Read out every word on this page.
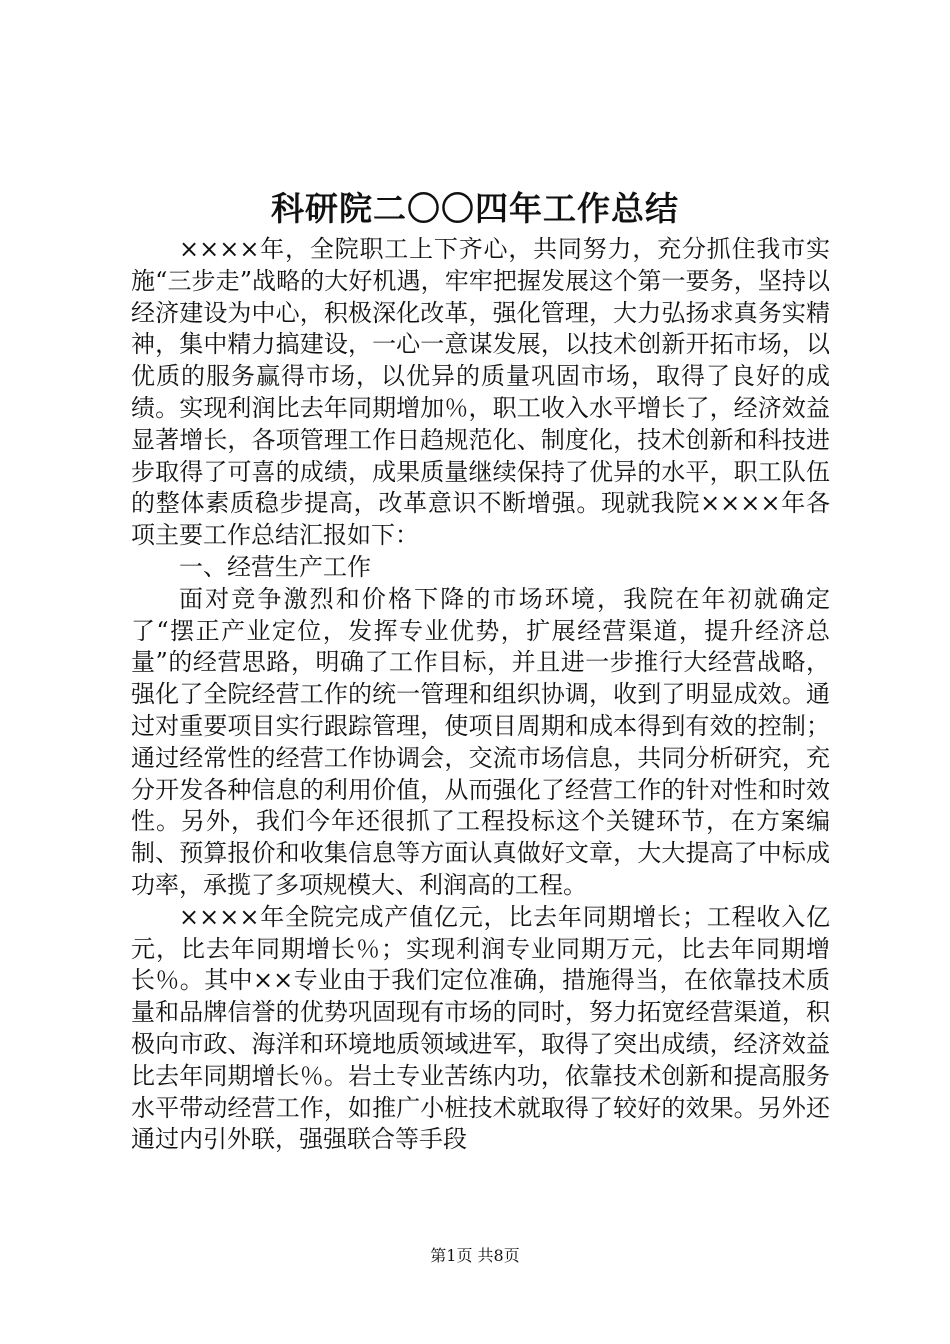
科研院二〇〇四年工作总结

××××年，全院职工上下齐心，共同努力，充分抓住我市实施“三步走”战略的大好机遇，牢牢把握发展这个第一要务，坚持以经济建设为中心，积极深化改革，强化管理，大力弘扬求真务实精神，集中精力搞建设，一心一意谋发展，以技术创新开拓市场，以优质的服务赢得市场，以优异的质量巩固市场，取得了良好的成绩。实现利润比去年同期增加％，职工收入水平增长了，经济效益显著增长，各项管理工作日趋规范化、制度化，技术创新和科技进步取得了可喜的成绩，成果质量继续保持了优异的水平，职工队伍的整体素质稳步提高，改革意识不断增强。现就我院××××年各项主要工作总结汇报如下：

一、经营生产工作

面对竞争激烈和价格下降的市场环境，我院在年初就确定了“摆正产业定位，发挥专业优势，扩展经营渠道，提升经济总量”的经营思路，明确了工作目标，并且进一步推行大经营战略，强化了全院经营工作的统一管理和组织协调，收到了明显成效。通过对重要项目实行跟踪管理，使项目周期和成本得到有效的控制；通过经常性的经营工作协调会，交流市场信息，共同分析研究，充分开发各种信息的利用价值，从而强化了经营工作的针对性和时效性。另外，我们今年还很抓了工程投标这个关键环节，在方案编制、预算报价和收集信息等方面认真做好文章，大大提高了中标成功率，承揽了多项规模大、利润高的工程。

××××年全院完成产值亿元，比去年同期增长；工程收入亿元，比去年同期增长％；实现利润专业同期万元，比去年同期增长％。其中××专业由于我们定位准确，措施得当，在依靠技术质量和品牌信誉的优势巩固现有市场的同时，努力拓宽经营渠道，积极向市政、海洋和环境地质领域进军，取得了突出成绩，经济效益比去年同期增长％。岩土专业苦练内功，依靠技术创新和提高服务水平带动经营工作，如推广小桩技术就取得了较好的效果。另外还通过内引外联，强强联合等手段

第1页 共8页
